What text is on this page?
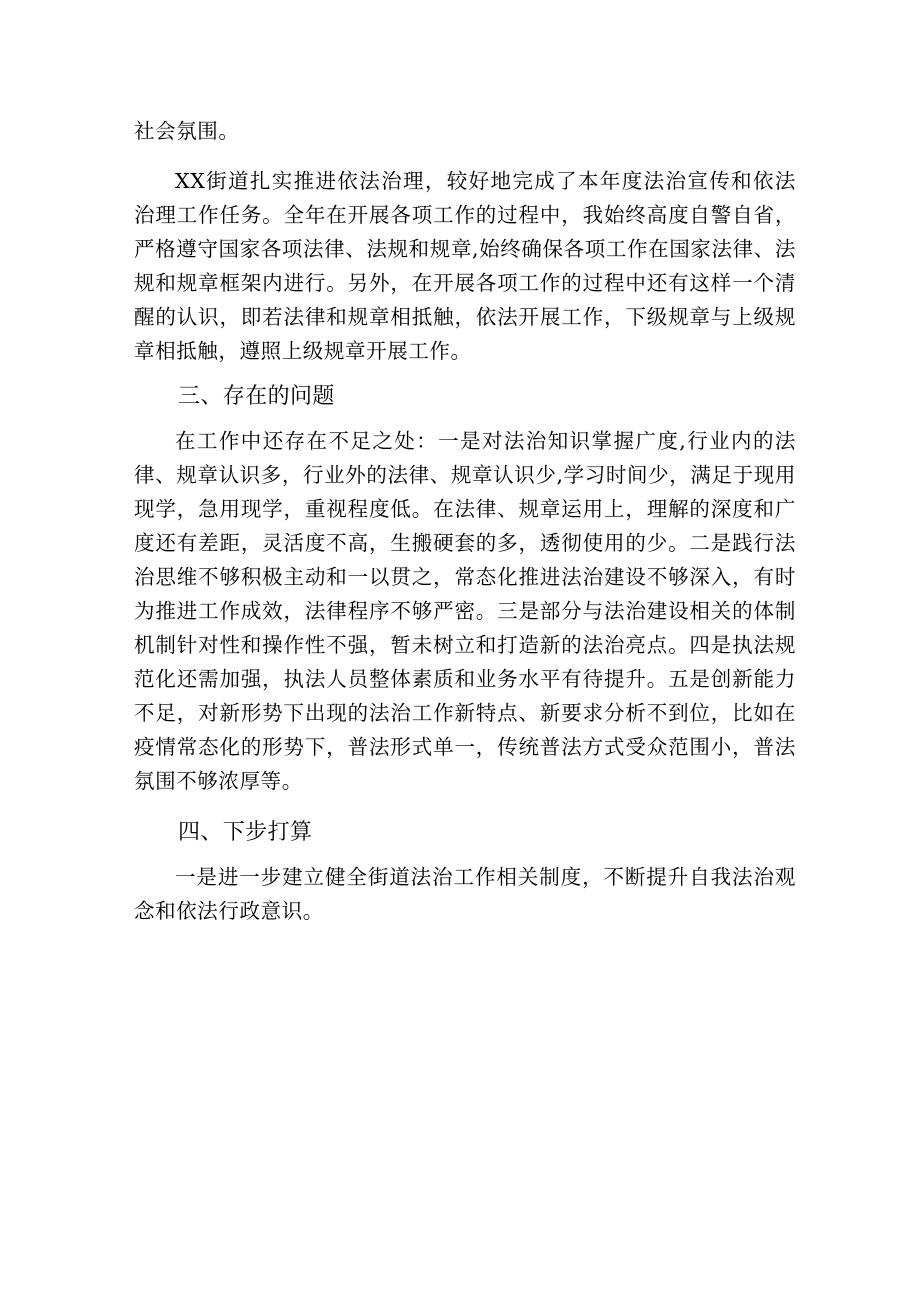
社会氛围。

XX街道扎实推进依法治理，较好地完成了本年度法治宣传和依法治理工作任务。全年在开展各项工作的过程中，我始终高度自警自省，严格遵守国家各项法律、法规和规章,始终确保各项工作在国家法律、法规和规章框架内进行。另外，在开展各项工作的过程中还有这样一个清醒的认识，即若法律和规章相抵触，依法开展工作，下级规章与上级规章相抵触，遵照上级规章开展工作。

三、存在的问题

在工作中还存在不足之处：一是对法治知识掌握广度,行业内的法律、规章认识多，行业外的法律、规章认识少,学习时间少，满足于现用现学，急用现学，重视程度低。在法律、规章运用上，理解的深度和广度还有差距，灵活度不高，生搬硬套的多，透彻使用的少。二是践行法治思维不够积极主动和一以贯之，常态化推进法治建设不够深入，有时为推进工作成效，法律程序不够严密。三是部分与法治建设相关的体制机制针对性和操作性不强，暂未树立和打造新的法治亮点。四是执法规范化还需加强，执法人员整体素质和业务水平有待提升。五是创新能力不足，对新形势下出现的法治工作新特点、新要求分析不到位，比如在疫情常态化的形势下，普法形式单一，传统普法方式受众范围小，普法氛围不够浓厚等。

四、下步打算

一是进一步建立健全街道法治工作相关制度，不断提升自我法治观念和依法行政意识。
